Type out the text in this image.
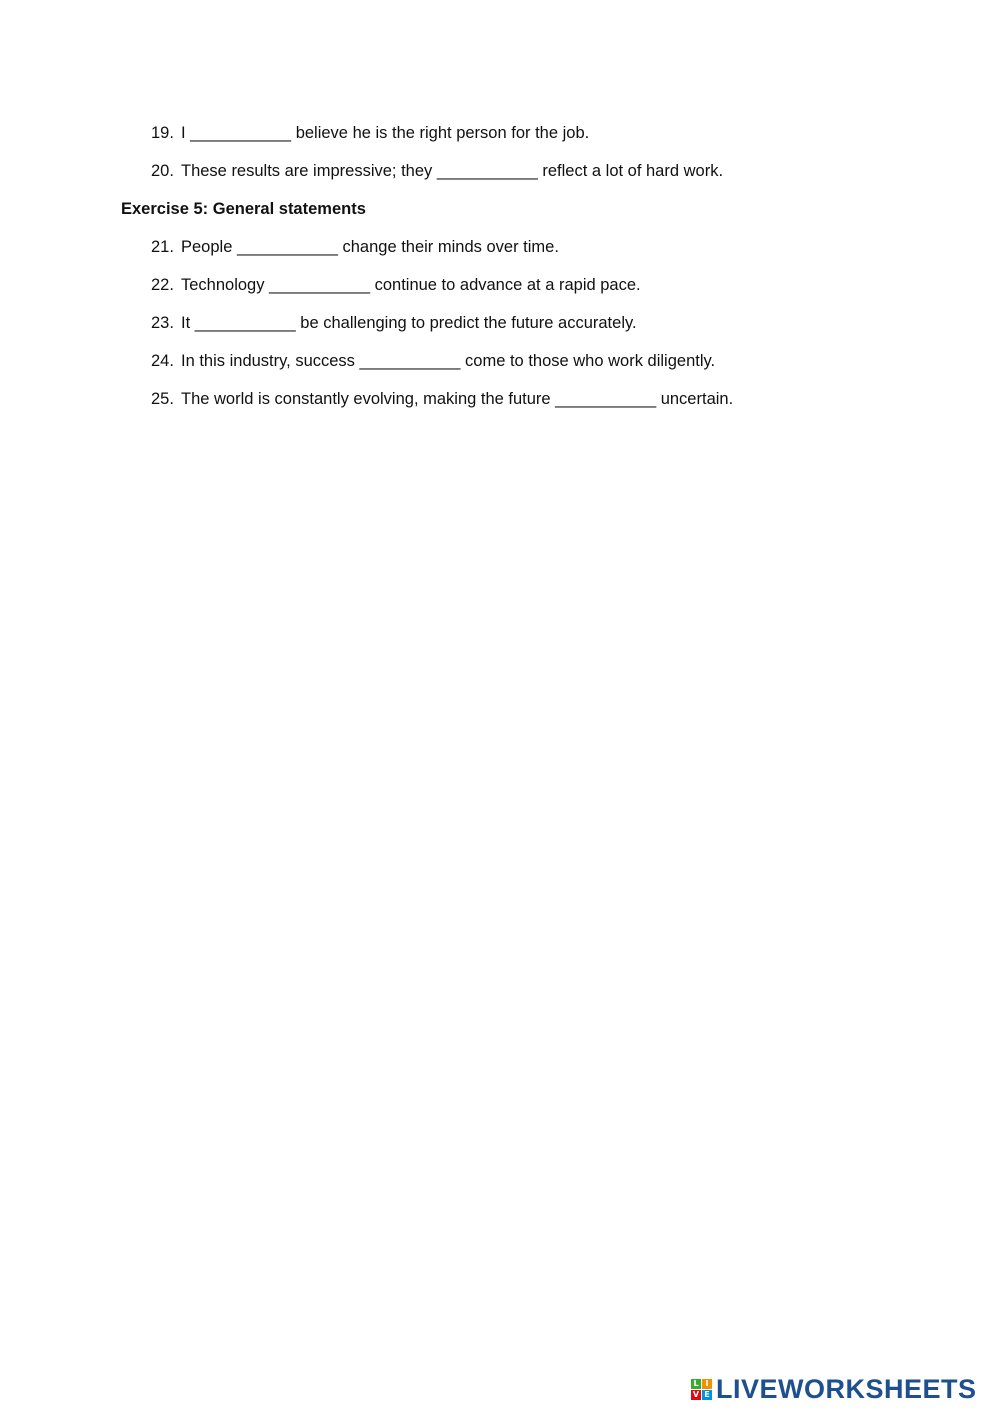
19. I ___________ believe he is the right person for the job.
20. These results are impressive; they ___________ reflect a lot of hard work.
Exercise 5: General statements
21. People ___________ change their minds over time.
22. Technology ___________ continue to advance at a rapid pace.
23. It ___________ be challenging to predict the future accurately.
24. In this industry, success ___________ come to those who work diligently.
25. The world is constantly evolving, making the future ___________ uncertain.
L I
V E LIVEWORKSHEETS
